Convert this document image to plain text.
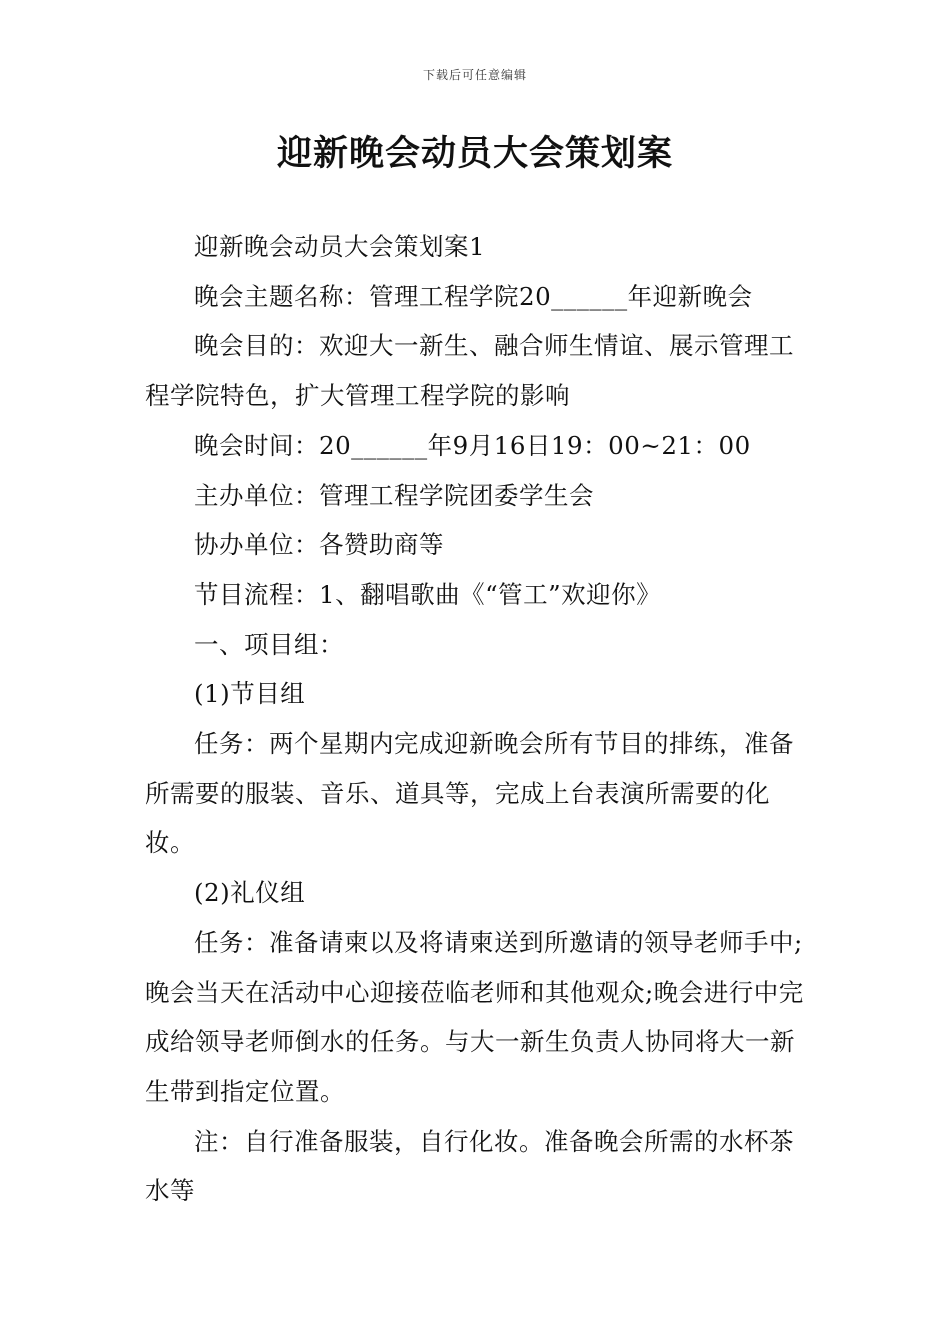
下载后可任意编辑
迎新晚会动员大会策划案

迎新晚会动员大会策划案1

晚会主题名称：管理工程学院20______年迎新晚会

晚会目的：欢迎大一新生、融合师生情谊、展示管理工程学院特色，扩大管理工程学院的影响

晚会时间：20______年9月16日19：00~21：00

主办单位：管理工程学院团委学生会

协办单位：各赞助商等

节目流程：1、翻唱歌曲《“管工”欢迎你》

一、项目组：

(1)节目组

任务：两个星期内完成迎新晚会所有节目的排练，准备所需要的服装、音乐、道具等，完成上台表演所需要的化妆。

(2)礼仪组

任务：准备请柬以及将请柬送到所邀请的领导老师手中;晚会当天在活动中心迎接莅临老师和其他观众;晚会进行中完成给领导老师倒水的任务。与大一新生负责人协同将大一新生带到指定位置。

注：自行准备服装，自行化妆。准备晚会所需的水杯茶水等
